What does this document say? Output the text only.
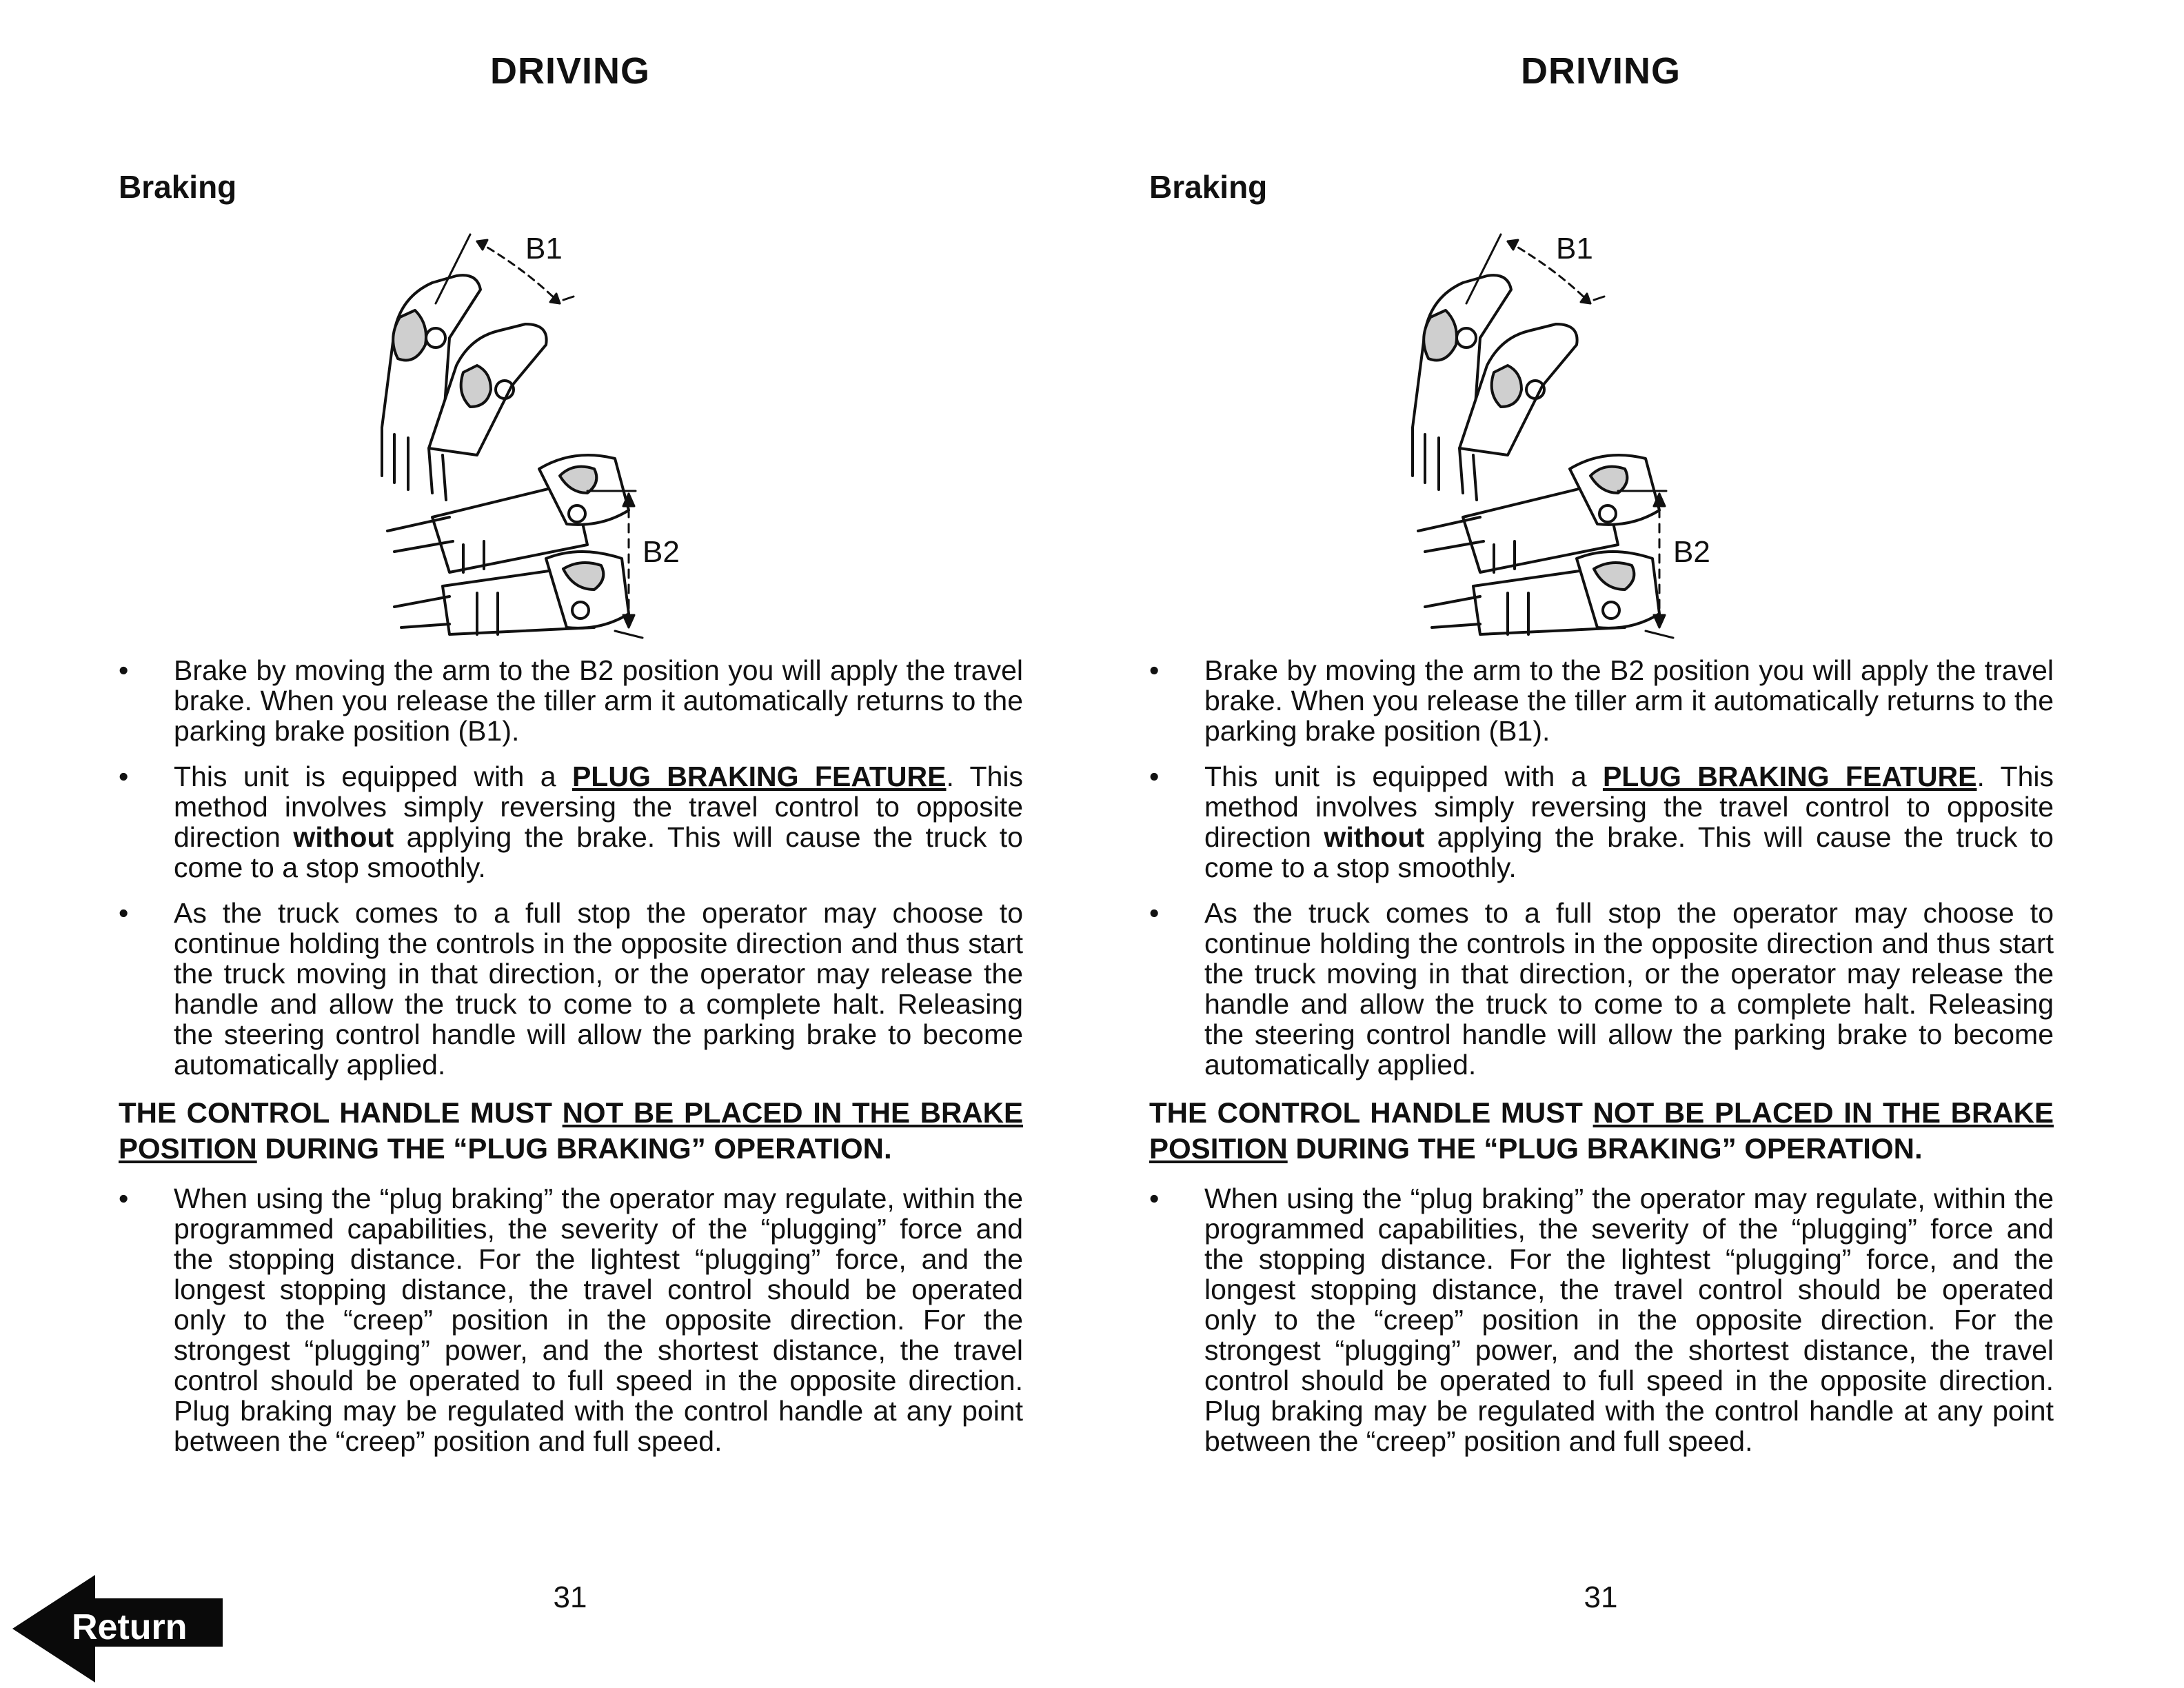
DRIVING
Braking
B1
B2
•	Brake by moving the arm to the B2 position you will apply the travel brake. When you release the tiller arm it automatically returns to the parking brake position (B1).
•	This unit is equipped with a PLUG BRAKING FEATURE. This method involves simply reversing the travel control to opposite direction without applying the brake. This will cause the truck to come to a stop smoothly.
•	As the truck comes to a full stop the operator may choose to continue holding the controls in the opposite direction and thus start the truck moving in that direction, or the operator may release the handle and allow the truck to come to a complete halt. Releasing the steering control handle will allow the parking brake to become automatically applied.
THE CONTROL HANDLE MUST NOT BE PLACED IN THE BRAKE POSITION DURING THE “PLUG BRAKING” OPERATION.
•	When using the “plug braking” the operator may regulate, within the programmed capabilities, the severity of the “plugging” force and the stopping distance. For the lightest “plugging” force, and the longest stopping distance, the travel control should be operated only to the “creep” position in the opposite direction. For the strongest “plugging” power, and the shortest distance, the travel control should be operated to full speed in the opposite direction. Plug braking may be regulated with the control handle at any point between the “creep” position and full speed.
31
DRIVING
Braking
B1
B2
•	Brake by moving the arm to the B2 position you will apply the travel brake. When you release the tiller arm it automatically returns to the parking brake position (B1).
•	This unit is equipped with a PLUG BRAKING FEATURE. This method involves simply reversing the travel control to opposite direction without applying the brake. This will cause the truck to come to a stop smoothly.
•	As the truck comes to a full stop the operator may choose to continue holding the controls in the opposite direction and thus start the truck moving in that direction, or the operator may release the handle and allow the truck to come to a complete halt. Releasing the steering control handle will allow the parking brake to become automatically applied.
THE CONTROL HANDLE MUST NOT BE PLACED IN THE BRAKE POSITION DURING THE “PLUG BRAKING” OPERATION.
•	When using the “plug braking” the operator may regulate, within the programmed capabilities, the severity of the “plugging” force and the stopping distance. For the lightest “plugging” force, and the longest stopping distance, the travel control should be operated only to the “creep” position in the opposite direction. For the strongest “plugging” power, and the shortest distance, the travel control should be operated to full speed in the opposite direction. Plug braking may be regulated with the control handle at any point between the “creep” position and full speed.
31
Return
